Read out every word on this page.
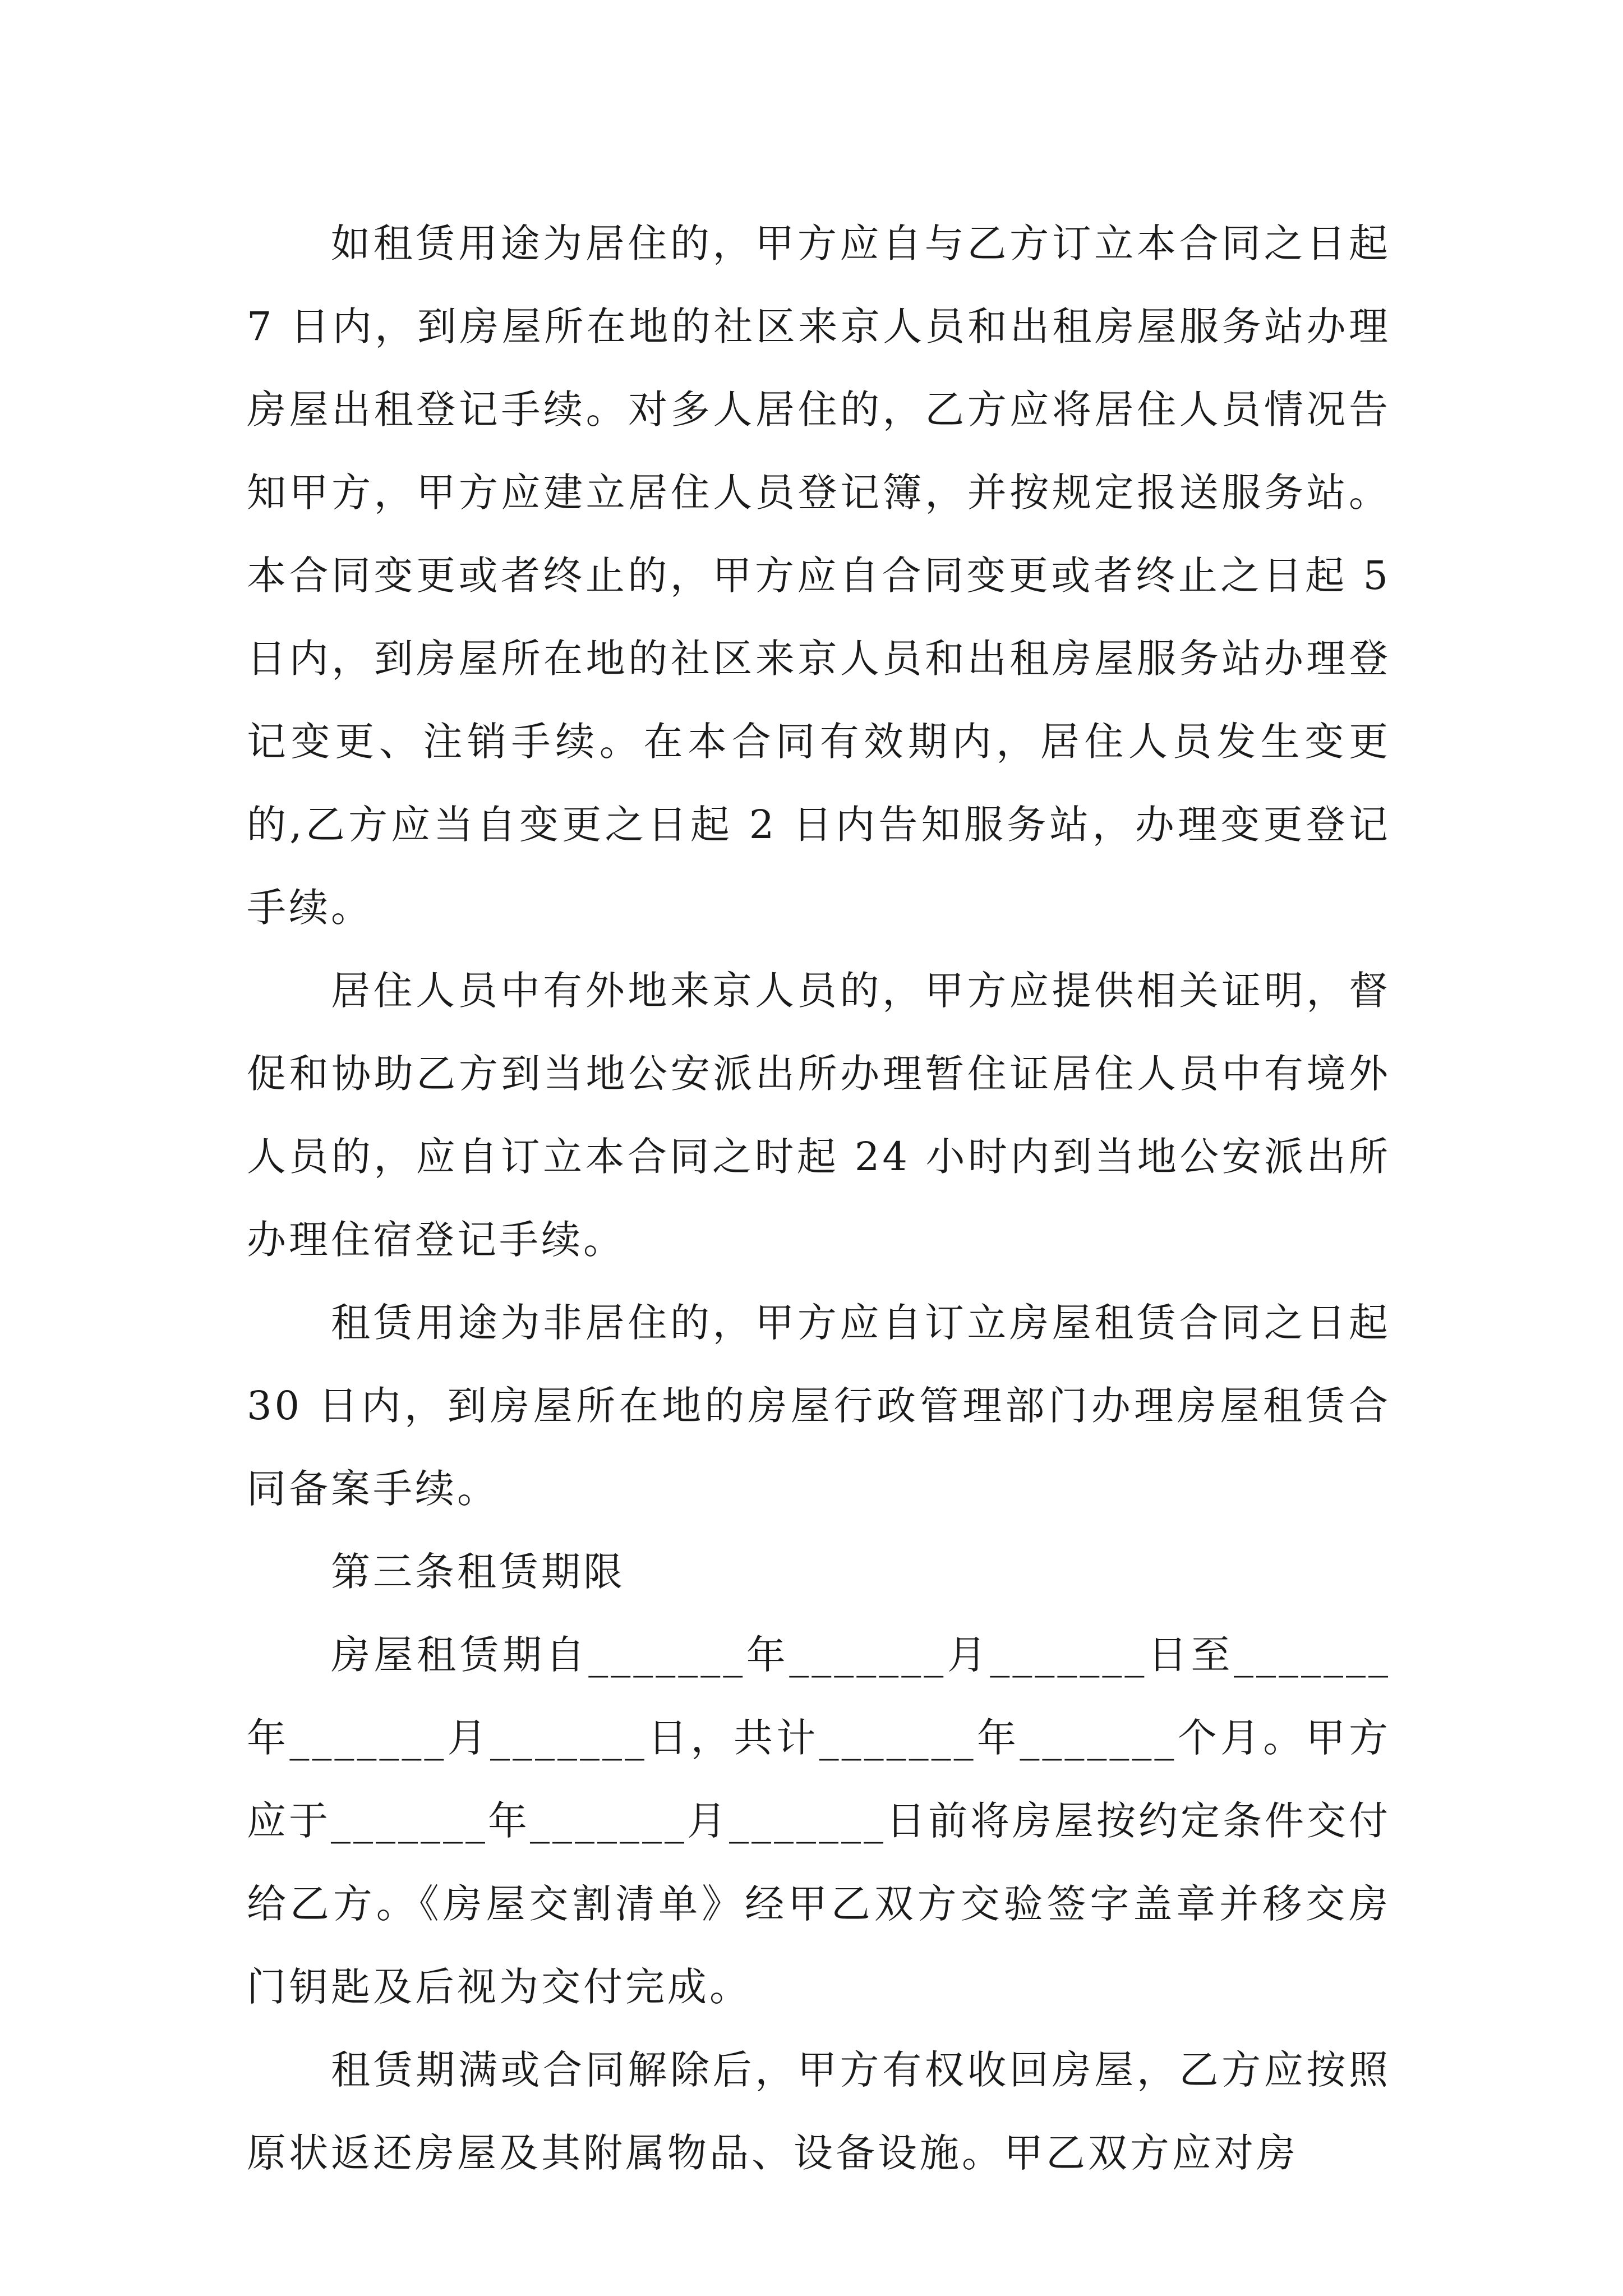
如租赁用途为居住的，甲方应自与乙方订立本合同之日起 7 日内，到房屋所在地的社区来京人员和出租房屋服务站办理房屋出租登记手续。对多人居住的，乙方应将居住人员情况告知甲方，甲方应建立居住人员登记簿，并按规定报送服务站。本合同变更或者终止的，甲方应自合同变更或者终止之日起 5 日内，到房屋所在地的社区来京人员和出租房屋服务站办理登记变更、注销手续。在本合同有效期内，居住人员发生变更的,乙方应当自变更之日起 2 日内告知服务站，办理变更登记手续。

居住人员中有外地来京人员的，甲方应提供相关证明，督促和协助乙方到当地公安派出所办理暂住证居住人员中有境外人员的，应自订立本合同之时起 24 小时内到当地公安派出所办理住宿登记手续。

租赁用途为非居住的，甲方应自订立房屋租赁合同之日起 30 日内，到房屋所在地的房屋行政管理部门办理房屋租赁合同备案手续。

第三条租赁期限

房屋租赁期自_______年_______月_______日至_______年_______月_______日，共计_______年_______个月。甲方应于_______年_______月_______日前将房屋按约定条件交付给乙方。《房屋交割清单》经甲乙双方交验签字盖章并移交房门钥匙及后视为交付完成。

租赁期满或合同解除后，甲方有权收回房屋，乙方应按照原状返还房屋及其附属物品、设备设施。甲乙双方应对房
